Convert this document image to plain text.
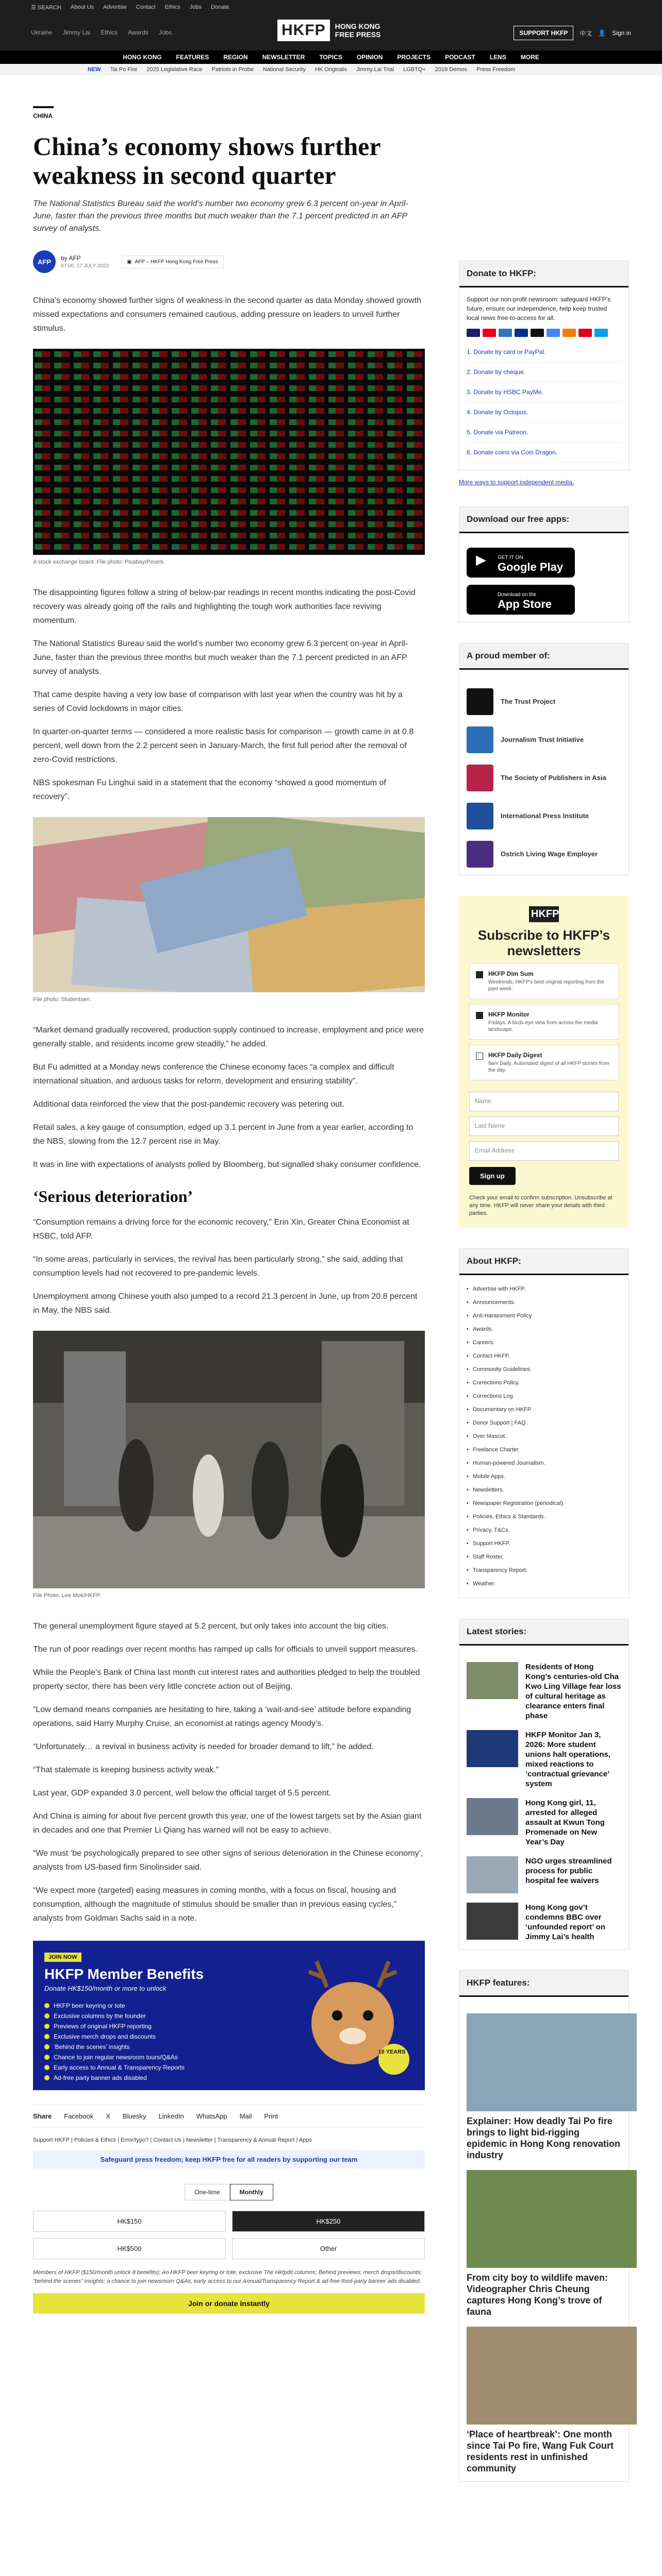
☰ SEARCH About Us Advertise Contact Ethics Jobs Donate
Ukraine Jimmy Lai Ethics Awards Jobs	HKFP	HONG KONG
FREE PRESS	SUPPORT HKFP	中文 👤 Sign in
HONG KONG FEATURES REGION NEWSLETTER TOPICS OPINION PROJECTS PODCAST LENS MORE
NEW Tai Po Fire 2025 Legislative Race Patriots in Probe National Security HK Originals Jimmy Lai Trial LGBTQ+ 2019 Demos Press Freedom
CHINA
China’s economy shows further weakness in second quarter
The National Statistics Bureau said the world’s number two economy grew 6.3 percent on-year in April-June, faster than the previous three months but much weaker than the 7.1 percent predicted in an AFP survey of analysts.
AFP	by AFP
07:00, 17 JULY 2023
▣ AFP – HKFP Hong Kong Free Press
China’s economy showed further signs of weakness in the second quarter as data Monday showed growth missed expectations and consumers remained cautious, adding pressure on leaders to unveil further stimulus.
A stock exchange board. File photo: Pixabay/Pexels.
The disappointing figures follow a string of below-par readings in recent months indicating the post-Covid recovery was already going off the rails and highlighting the tough work authorities face reviving momentum.
The National Statistics Bureau said the world’s number two economy grew 6.3 percent on-year in April-June, faster than the previous three months but much weaker than the 7.1 percent predicted in an AFP survey of analysts.
That came despite having a very low base of comparison with last year when the country was hit by a series of Covid lockdowns in major cities.
In quarter-on-quarter terms — considered a more realistic basis for comparison — growth came in at 0.8 percent, well down from the 2.2 percent seen in January-March, the first full period after the removal of zero-Covid restrictions.
NBS spokesman Fu Linghui said in a statement that the economy “showed a good momentum of recovery”.
File photo: Studentsen.
“Market demand gradually recovered, production supply continued to increase, employment and price were generally stable, and residents income grew steadily,” he added.
But Fu admitted at a Monday news conference the Chinese economy faces “a complex and difficult international situation, and arduous tasks for reform, development and ensuring stability”.
Additional data reinforced the view that the post-pandemic recovery was petering out.
Retail sales, a key gauge of consumption, edged up 3.1 percent in June from a year earlier, according to the NBS, slowing from the 12.7 percent rise in May.
It was in line with expectations of analysts polled by Bloomberg, but signalled shaky consumer confidence.
‘Serious deterioration’
“Consumption remains a driving force for the economic recovery,” Erin Xin, Greater China Economist at HSBC, told AFP.
“In some areas, particularly in services, the revival has been particularly strong,” she said, adding that consumption levels had not recovered to pre-pandemic levels.
Unemployment among Chinese youth also jumped to a record 21.3 percent in June, up from 20.8 percent in May, the NBS said.
File Photo: Lee Mok/HKFP.
The general unemployment figure stayed at 5.2 percent, but only takes into account the big cities.
The run of poor readings over recent months has ramped up calls for officials to unveil support measures.
While the People’s Bank of China last month cut interest rates and authorities pledged to help the troubled property sector, there has been very little concrete action out of Beijing.
“Low demand means companies are hesitating to hire, taking a ‘wait-and-see’ attitude before expanding operations, said Harry Murphy Cruise, an economist at ratings agency Moody’s.
“Unfortunately… a revival in business activity is needed for broader demand to lift,” he added.
“That stalemate is keeping business activity weak.”
Last year, GDP expanded 3.0 percent, well below the official target of 5.5 percent.
And China is aiming for about five percent growth this year, one of the lowest targets set by the Asian giant in decades and one that Premier Li Qiang has warned will not be easy to achieve.
“We must ‘be psychologically prepared to see other signs of serious deterioration in the Chinese economy’, analysts from US-based firm Sinolinsider said.
“We expect more (targeted) easing measures in coming months, with a focus on fiscal, housing and consumption, although the magnitude of stimulus should be smaller than in previous easing cycles,” analysts from Goldman Sachs said in a note.
JOIN NOW
HKFP Member Benefits
Donate HK$150/month or more to unlock
HKFP beer keyring or tote
Exclusive columns by the founder
Previews of original HKFP reporting
Exclusive merch drops and discounts
‘Behind the scenes’ insights
Chance to join regular newsroom tours/Q&As
Early access to Annual & Transparency Reports
Ad-free party banner ads disabled
10 YEARS
Share Facebook X Bluesky LinkedIn WhatsApp Mail Print
Support HKFP | Policies & Ethics | Error/typo? | Contact Us | Newsletter | Transparency & Annual Report | Apps
Safeguard press freedom; keep HKFP free for all readers by supporting our team
One-time	Monthly
HK$150	HK$250
HK$500	Other
Members of HKFP ($150/month unlock 8 benefits): An HKFP beer keyring or tote; exclusive The Hkfpdit columns; Behind previews; merch drops/discounts; “behind the scenes” insights; a chance to join newsroom Q&As; early access to our Annual/Transparency Report & ad-free third-party banner ads disabled.
Join or donate instantly
Donate to HKFP:
Support our non-profit newsroom: safeguard HKFP’s future, ensure our independence, help keep trusted local news free-to-access for all.
1. Donate by card or PayPal.
2. Donate by cheque.
3. Donate by HSBC PayMe.
4. Donate by Octopus.
5. Donate via Patreon.
6. Donate coins via Coin Dragon.
More ways to support independent media.
Download our free apps:
▶ GET IT ON
Google Play
Download on the
App Store
A proud member of:
The Trust Project
Journalism Trust Initiative
The Society of Publishers in Asia
International Press Institute
Ostrich Living Wage Employer
HKFP
Subscribe to HKFP’s newsletters
HKFP Dim Sum
Weekends. HKFP’s best original reporting from the past week.
HKFP Monitor
Fridays. A birds-eye view from across the media landscape.
HKFP Daily Digest
9am Daily. Automated digest of all HKFP stories from the day.
Name
Last Name
Email Address
Sign up
Check your email to confirm subscription. Unsubscribe at any time. HKFP will never share your details with third parties.
About HKFP:
• Advertise with HKFP.
• Announcements.
• Anti-Harassment Policy.
• Awards.
• Careers.
• Contact HKFP.
• Community Guidelines.
• Corrections Policy.
• Corrections Log.
• Documentary on HKFP.
• Donor Support | FAQ.
• Over Mascot.
• Freelance Charter.
• Human-powered Journalism.
• Mobile Apps.
• Newsletters.
• Newspaper Registration (periodical).
• Policies, Ethics & Standards.
• Privacy, T&Cs.
• Support HKFP.
• Staff Roster.
• Transparency Report.
• Weather.
Latest stories:
Residents of Hong Kong’s centuries-old Cha Kwo Ling Village fear loss of cultural heritage as clearance enters final phase
HKFP Monitor Jan 3, 2026: More student unions halt operations, mixed reactions to ‘contractual grievance’ system
Hong Kong girl, 11, arrested for alleged assault at Kwun Tong Promenade on New Year’s Day
NGO urges streamlined process for public hospital fee waivers
Hong Kong gov’t condemns BBC over ‘unfounded report’ on Jimmy Lai’s health
HKFP features:
Explainer: How deadly Tai Po fire brings to light bid-rigging epidemic in Hong Kong renovation industry
From city boy to wildlife maven: Videographer Chris Cheung captures Hong Kong’s trove of fauna
‘Place of heartbreak’: One month since Tai Po fire, Wang Fuk Court residents rest in unfinished community
